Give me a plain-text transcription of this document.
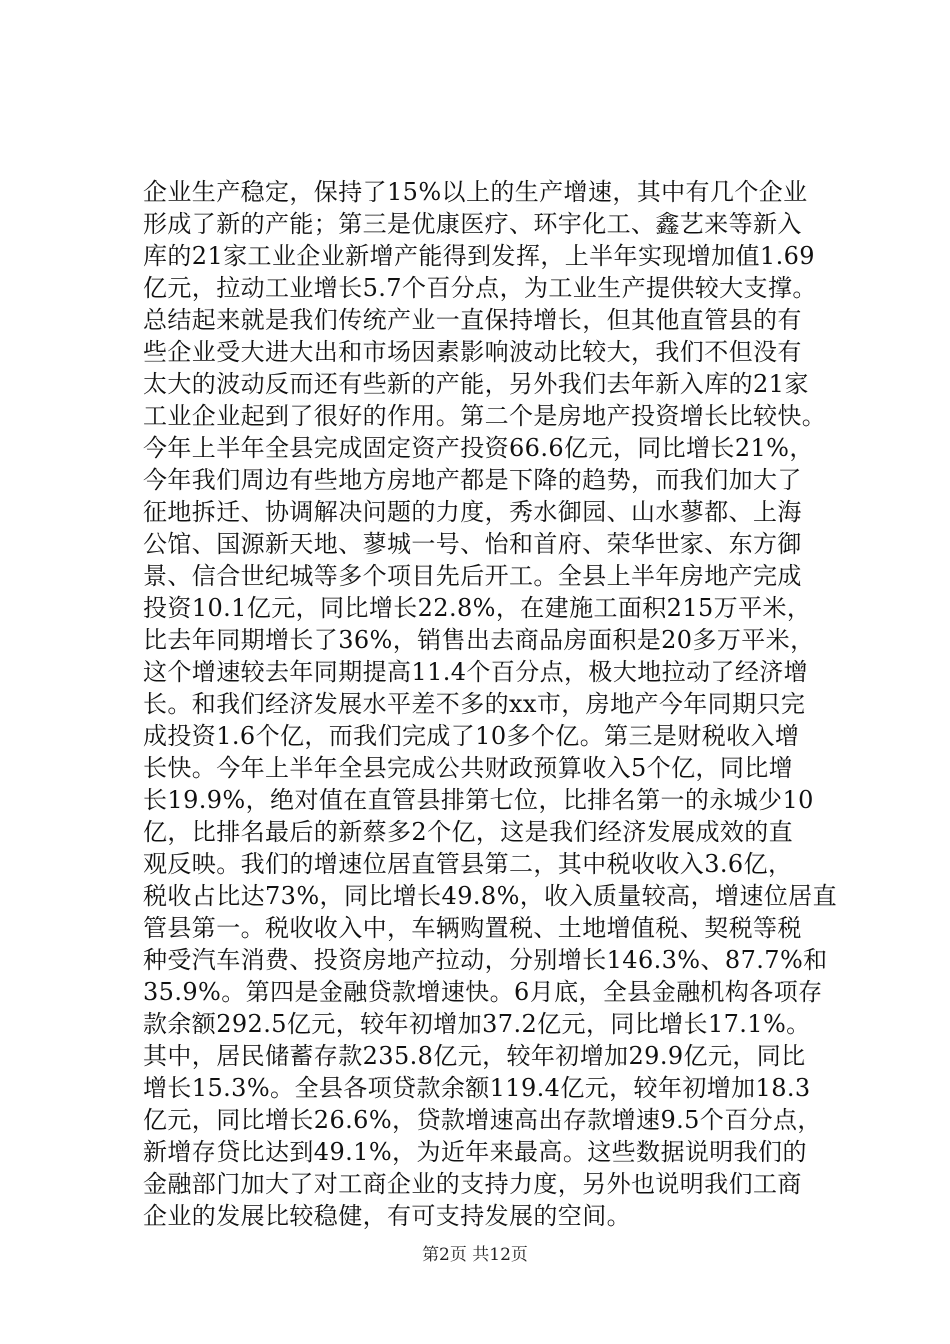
企业生产稳定，保持了15%以上的生产增速，其中有几个企业
形成了新的产能；第三是优康医疗、环宇化工、鑫艺来等新入
库的21家工业企业新增产能得到发挥，上半年实现增加值1.69
亿元，拉动工业增长5.7个百分点，为工业生产提供较大支撑。
总结起来就是我们传统产业一直保持增长，但其他直管县的有
些企业受大进大出和市场因素影响波动比较大，我们不但没有
太大的波动反而还有些新的产能，另外我们去年新入库的21家
工业企业起到了很好的作用。第二个是房地产投资增长比较快。
今年上半年全县完成固定资产投资66.6亿元，同比增长21%，
今年我们周边有些地方房地产都是下降的趋势，而我们加大了
征地拆迁、协调解决问题的力度，秀水御园、山水蓼都、上海
公馆、国源新天地、蓼城一号、怡和首府、荣华世家、东方御
景、信合世纪城等多个项目先后开工。全县上半年房地产完成
投资10.1亿元，同比增长22.8%，在建施工面积215万平米，
比去年同期增长了36%，销售出去商品房面积是20多万平米，
这个增速较去年同期提高11.4个百分点，极大地拉动了经济增
长。和我们经济发展水平差不多的xx市，房地产今年同期只完
成投资1.6个亿，而我们完成了10多个亿。第三是财税收入增
长快。今年上半年全县完成公共财政预算收入5个亿，同比增
长19.9%，绝对值在直管县排第七位，比排名第一的永城少10
亿，比排名最后的新蔡多2个亿，这是我们经济发展成效的直
观反映。我们的增速位居直管县第二，其中税收收入3.6亿，
税收占比达73%，同比增长49.8%，收入质量较高，增速位居直
管县第一。税收收入中，车辆购置税、土地增值税、契税等税
种受汽车消费、投资房地产拉动，分别增长146.3%、87.7%和
35.9%。第四是金融贷款增速快。6月底，全县金融机构各项存
款余额292.5亿元，较年初增加37.2亿元，同比增长17.1%。
其中，居民储蓄存款235.8亿元，较年初增加29.9亿元，同比
增长15.3%。全县各项贷款余额119.4亿元，较年初增加18.3
亿元，同比增长26.6%，贷款增速高出存款增速9.5个百分点，
新增存贷比达到49.1%，为近年来最高。这些数据说明我们的
金融部门加大了对工商企业的支持力度，另外也说明我们工商
企业的发展比较稳健，有可支持发展的空间。
第2页 共12页
